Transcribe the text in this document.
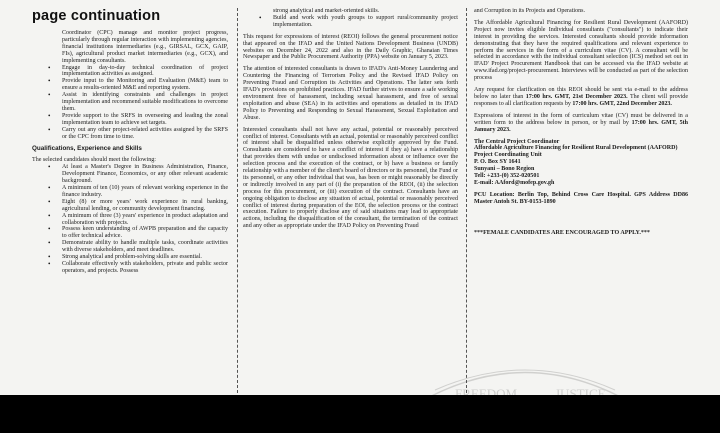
page continuation
Coordinator (CPC) manage and monitor project progress, particularly through regular interaction with implementing agencies, financial institutions intermediaries (e.g., GIRSAL, GCX, GAIP, FIs), agricultural product market intermediaries (e.g., GCX), and implementing consultants.
• Engage in day-to-day technical coordination of project implementation activities as assigned.
• Provide input to the Monitoring and Evaluation (M&E) team to ensure a results-oriented M&E and reporting system.
• Assist in identifying constraints and challenges in project implementation and recommend suitable modifications to overcome them.
• Provide support to the SRFS in overseeing and leading the zonal implementation team to achieve set targets.
• Carry out any other project-related activities assigned by the SRFS or the CPC from time to time.
Qualifications, Experience and Skills

The selected candidates should meet the following:

• At least a Master's Degree in Business Administration, Finance, Development Finance, Economics, or any other relevant academic background.
• A minimum of ten (10) years of relevant working experience in the finance industry.
• Eight (8) or more years' work experience in rural banking, agricultural lending, or community development financing.
• A minimum of three (3) years' experience in product adaptation and collaboration with projects.
• Possess keen understanding of AWPB preparation and the capacity to offer technical advice.
• Demonstrate ability to handle multiple tasks, coordinate activities with diverse stakeholders, and meet deadlines.
• Strong analytical and problem-solving skills are essential.
• Collaborate effectively with stakeholders, private and public sector operators, and projects. Possess
strong analytical and market-oriented skills.
• Build and work with youth groups to support rural/community project implementation.

This request for expressions of interest (REOI) follows the general procurement notice that appeared on the IFAD and the United Nations Development Business (UNDB) websites on December 24, 2022 and also in the Daily Graphic, Ghanaian Times Newspaper and the Public Procurement Authority (PPA) website on January 5, 2023.

The attention of interested consultants is drawn to IFAD's Anti-Money Laundering and Countering the Financing of Terrorism Policy and the Revised IFAD Policy on Preventing Fraud and Corruption its Activities and Operations. The latter sets forth IFAD's provisions on prohibited practices. IFAD further strives to ensure a safe working environment free of harassment, including sexual harassment, and free of sexual exploitation and abuse (SEA) in its activities and operations as detailed in its IFAD Policy to Preventing and Responding to Sexual Harassment, Sexual Exploitation and Abuse.

Interested consultants shall not have any actual, potential or reasonably perceived conflict of interest. Consultants with an actual, potential or reasonably perceived conflict of interest shall be disqualified unless otherwise explicitly approved by the Fund. Consultants are considered to have a conflict of interest if they a) have a relationship that provides them with undue or undisclosed information about or influence over the selection process and the execution of the contract, or b) have a business or family relationship with a member of the client's board of directors or its personnel, the Fund or its personnel, or any other individual that was, has been or might reasonably be directly or indirectly involved in any part of (i) the preparation of the REOI, (ii) the selection process for this procurement, or (iii) execution of the contract. Consultants have an ongoing obligation to disclose any situation of actual, potential or reasonably perceived conflict of interest during preparation of the EOI, the selection process or the contract execution. Failure to properly disclose any of said situations may lead to appropriate actions, including the disqualification of the consultant, the termination of the contract and any other as appropriate under the IFAD Policy on Preventing Fraud

and Corruption in its Projects and Operations.

The Affordable Agricultural Financing for Resilient Rural Development (AAFORD) Project now invites eligible Individual consultants ("consultants") to indicate their interest in providing the services. Interested consultants should provide information demonstrating that they have the required qualifications and relevant experience to perform the services in the form of a curriculum vitae (CV). A consultant will be selected in accordance with the individual consultant selection (ICS) method set out in IFAD' Project Procurement Handbook that can be accessed via the IFAD website at www.ifad.org/project-procurement. Interviews will be conducted as part of the selection process

Any request for clarification on this REOI should be sent via e-mail to the address below no later than 17:00 hrs. GMT, 21st December 2023. The client will provide responses to all clarification requests by 17:00 hrs. GMT, 22nd December 2023.

Expressions of interest in the form of curriculum vitae (CV) must be delivered in a written form to the address below in person, or by mail by 17:00 hrs. GMT, 5th January 2023.

The Central Project Coordinator
Affordable Agriculture Financing for Resilient Rural Development (AAFORD)
Project Coordinating Unit
P. O. Box SY 1641
Sunyani – Bono Region
Tell: +233-(0) 352-020501
E-mail: AAford@mofep.gov.gh

PCU Location: Berlin Top, Behind Cross Care Hospital. GPS Address DD86 Master Antoh St. BY-0153-1890

***FEMALE CANDIDATES ARE ENCOURAGED TO APPLY.***

FREEDOM	JUSTICE
